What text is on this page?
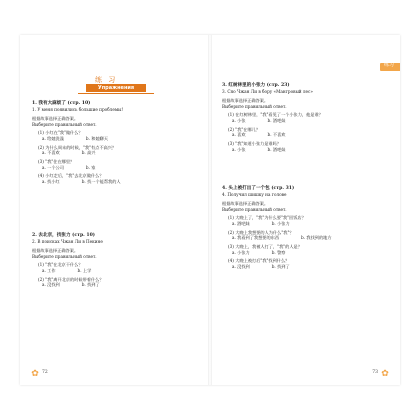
练 习
Упражнения
1. 我有大麻烦了 (стр. 10)
1. У меня появились большие проблемы!
根据故事选择正确答案。
Выберите правильный ответ.
(1) 小红在"我"做什么？
a. 给她洗澡	b. 和她聊天
(2) 为什么周末的时候，"我"有点不高兴？
a. 不喜欢	b. 高兴
(3) "我"住在哪里？
a. 一个公司	b. 家
(4) 小红走后，"我"去北京做什么？
a. 找小红	b. 找一个能帮我的人
2. 去北京，找张力 (стр. 10)
2. В поисках Чжан Ли в Пекине
根据故事选择正确答案。
Выберите правильный ответ.
(1) "我"在北京干什么？
a. 工作	b. 上学
(2) "我"离开北京的时候带着什么？
a. 没找到	b. 找到了
✿ 72
练习
3. 红树林里的小张力 (стр. 23)
3. Сяо Чжан Ли в бору «Мангровый лес»
根据故事选择正确答案。
Выберите правильный ответ.
(1) 在红树林里，"我"看见了一个小张力，他是谁？
a. 小张	b. 酒吧妹
(2) "我"在哪儿？
a. 喜欢	b. 不喜欢
(3) "我"知道小张力是谁吗？
a. 小张	b. 酒吧妹
4. 头上被打出了一个包 (стр. 31)
4. Получил шишку на голове
根据故事选择正确答案。
Выберите правильный ответ.
(1) 大晚上了，"我"为什么要"我"回饭店？
a. 酒吧妹	b. 小张力
(2) 大晚上我想要的人为什么"我"？
a. 我看到了我想要的东西	b. 我找到的地方
(3) 大晚上，我被人打了，"我"的人是？
a. 小张力	b. 警察
(4) 大晚上被打后"我"找到什么？
a. 没找到	b. 找到了
73 ✿
